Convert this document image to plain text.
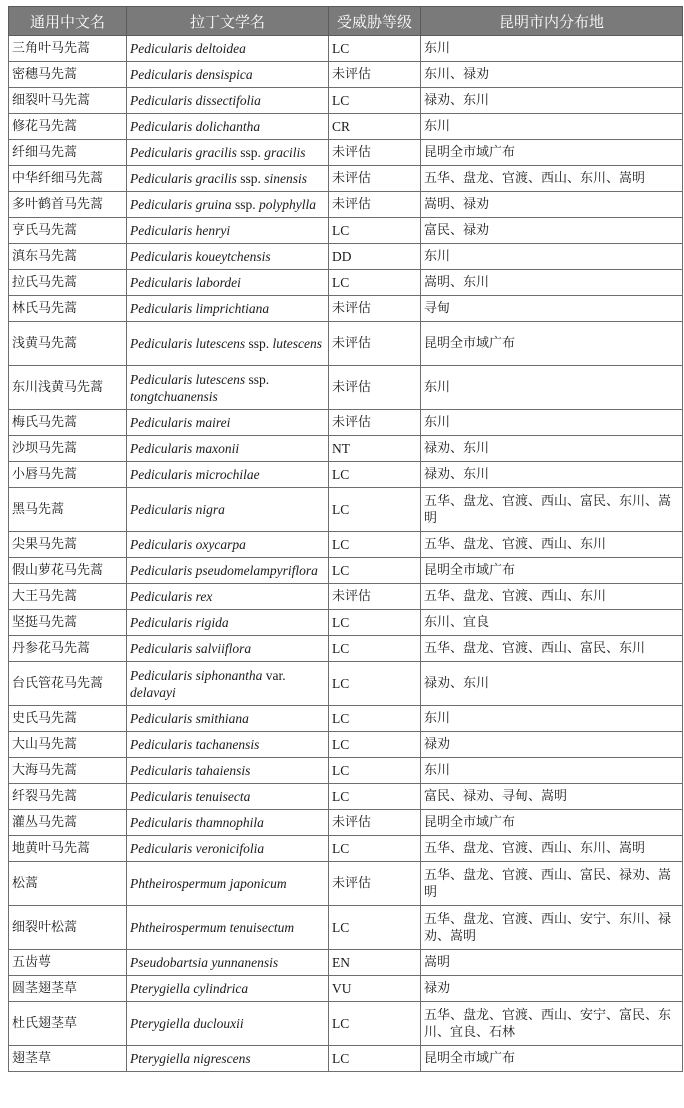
通用中文名	拉丁文学名	受威胁等级	昆明市内分布地
三角叶马先蒿	Pedicularis deltoidea	LC	东川
密穗马先蒿	Pedicularis densispica	未评估	东川、禄劝
细裂叶马先蒿	Pedicularis dissectifolia	LC	禄劝、东川
修花马先蒿	Pedicularis dolichantha	CR	东川
纤细马先蒿	Pedicularis gracilis ssp. gracilis	未评估	昆明全市域广布
中华纤细马先蒿	Pedicularis gracilis ssp. sinensis	未评估	五华、盘龙、官渡、西山、东川、嵩明
多叶鹤首马先蒿	Pedicularis gruina ssp. polyphylla	未评估	嵩明、禄劝
亨氏马先蒿	Pedicularis henryi	LC	富民、禄劝
滇东马先蒿	Pedicularis koueytchensis	DD	东川
拉氏马先蒿	Pedicularis labordei	LC	嵩明、东川
林氏马先蒿	Pedicularis limprichtiana	未评估	寻甸
浅黄马先蒿	Pedicularis lutescens ssp. lutescens	未评估	昆明全市域广布
东川浅黄马先蒿	Pedicularis lutescens ssp. tongtchuanensis	未评估	东川
梅氏马先蒿	Pedicularis mairei	未评估	东川
沙坝马先蒿	Pedicularis maxonii	NT	禄劝、东川
小唇马先蒿	Pedicularis microchilae	LC	禄劝、东川
黑马先蒿	Pedicularis nigra	LC	五华、盘龙、官渡、西山、富民、东川、嵩明
尖果马先蒿	Pedicularis oxycarpa	LC	五华、盘龙、官渡、西山、东川
假山萝花马先蒿	Pedicularis pseudomelampyriflora	LC	昆明全市域广布
大王马先蒿	Pedicularis rex	未评估	五华、盘龙、官渡、西山、东川
坚挺马先蒿	Pedicularis rigida	LC	东川、宜良
丹参花马先蒿	Pedicularis salviiflora	LC	五华、盘龙、官渡、西山、富民、东川
台氏管花马先蒿	Pedicularis siphonantha var. delavayi	LC	禄劝、东川
史氏马先蒿	Pedicularis smithiana	LC	东川
大山马先蒿	Pedicularis tachanensis	LC	禄劝
大海马先蒿	Pedicularis tahaiensis	LC	东川
纤裂马先蒿	Pedicularis tenuisecta	LC	富民、禄劝、寻甸、嵩明
灌丛马先蒿	Pedicularis thamnophila	未评估	昆明全市域广布
地黄叶马先蒿	Pedicularis veronicifolia	LC	五华、盘龙、官渡、西山、东川、嵩明
松蒿	Phtheirospermum japonicum	未评估	五华、盘龙、官渡、西山、富民、禄劝、嵩明
细裂叶松蒿	Phtheirospermum tenuisectum	LC	五华、盘龙、官渡、西山、安宁、东川、禄劝、嵩明
五齿萼	Pseudobartsia yunnanensis	EN	嵩明
圆茎翅茎草	Pterygiella cylindrica	VU	禄劝
杜氏翅茎草	Pterygiella duclouxii	LC	五华、盘龙、官渡、西山、安宁、富民、东川、宜良、石林
翅茎草	Pterygiella nigrescens	LC	昆明全市域广布
